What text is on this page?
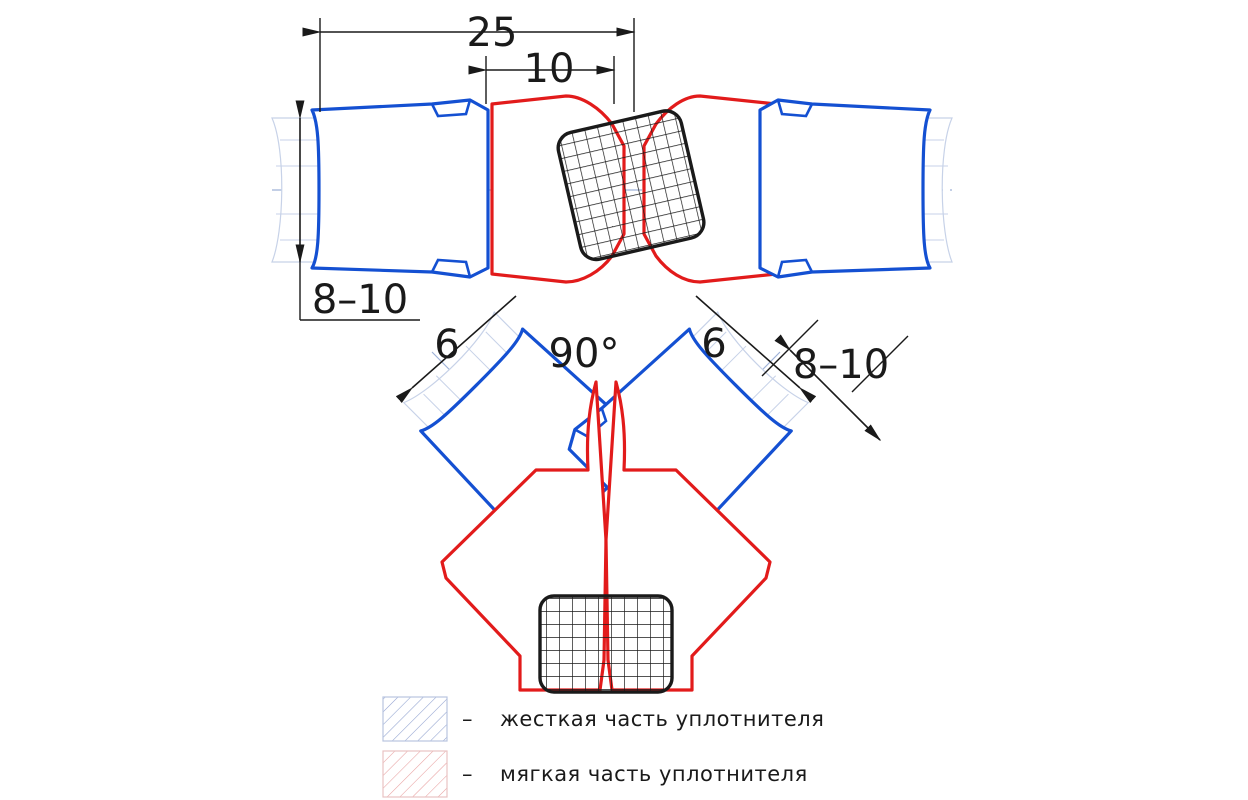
25
10
8–10
6	6
90°	8–10
– жесткая часть уплотнителя
– мягкая часть уплотнителя
